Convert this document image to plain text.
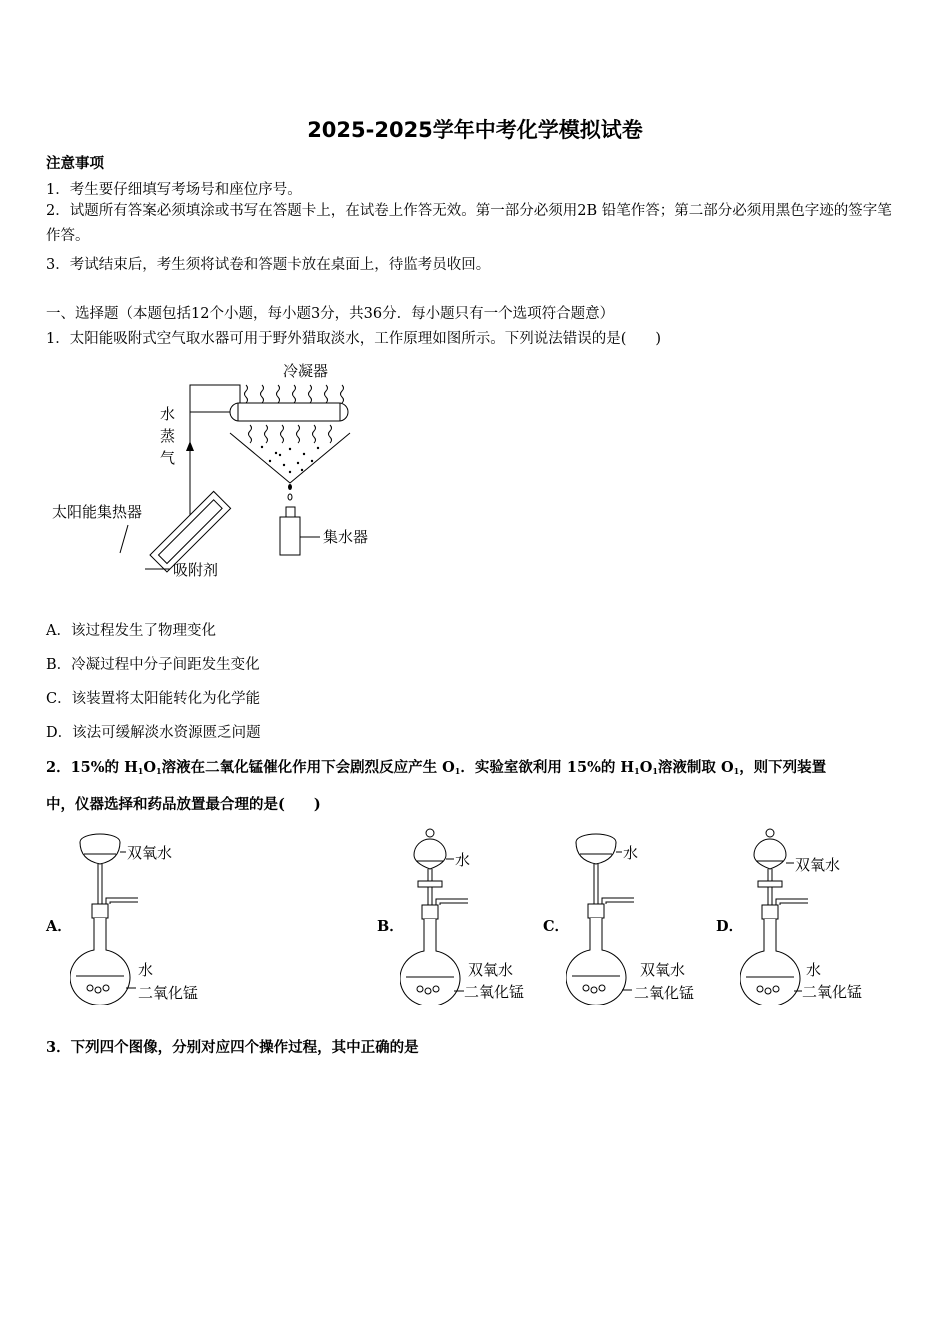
2025-2025学年中考化学模拟试卷
注意事项
1．考生要仔细填写考场号和座位序号。
2．试题所有答案必须填涂或书写在答题卡上，在试卷上作答无效。第一部分必须用2B 铅笔作答；第二部分必须用黑色字迹的签字笔作答。
3．考试结束后，考生须将试卷和答题卡放在桌面上，待监考员收回。
一、选择题（本题包括12个小题，每小题3分，共36分．每小题只有一个选项符合题意）
1．太阳能吸附式空气取水器可用于野外猎取淡水，工作原理如图所示。下列说法错误的是(　　)
冷凝器
集水器
水
蒸
气
太阳能集热器
吸附剂
A．该过程发生了物理变化
B．冷凝过程中分子间距发生变化
C．该装置将太阳能转化为化学能
D．该法可缓解淡水资源匮乏问题
2．15%的 $H_1O_1$溶液在二氧化锰催化作用下会剧烈反应产生 $O_1$．实验室欲利用 15%的 $H_1O_1$溶液制取 $O_1$，则下列装置
中，仪器选择和药品放置最合理的是(　　)
A．
双氧水
水
二氧化锰
B．
水
双氧水
二氧化锰
C．
水
双氧水
二氧化锰
D．
双氧水
水
二氧化锰
3．下列四个图像，分别对应四个操作过程，其中正确的是
